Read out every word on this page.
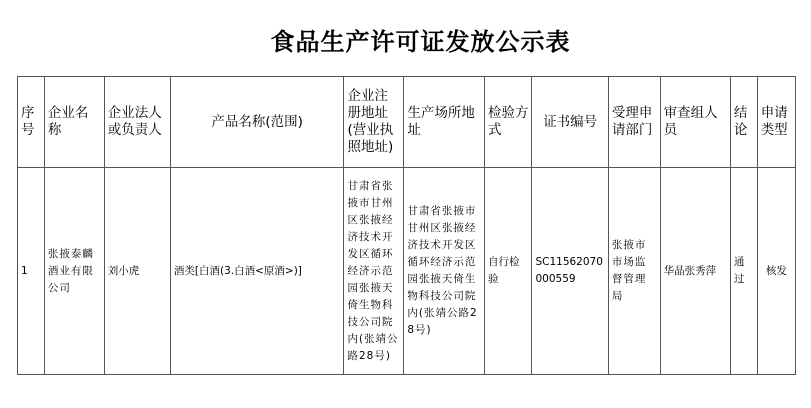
食品生产许可证发放公示表
序号	企业名称	企业法人或负责人	产品名称(范围)	企业注册地址(营业执照地址)	生产场所地址	检验方式	证书编号	受理申请部门	审查组人员	结论	申请类型
1	张掖泰麟酒业有限公司	刘小虎	酒类[白酒(3.白酒<原酒>)]	甘肃省张掖市甘州区张掖经济技术开发区循环经济示范园张掖天倚生物科技公司院内(张靖公路28号)	甘肃省张掖市甘州区张掖经济技术开发区循环经济示范园张掖天倚生物科技公司院内(张靖公路28号)	自行检验	SC11562070000559	张掖市市场监督管理局	华晶张秀萍	通过	核发
